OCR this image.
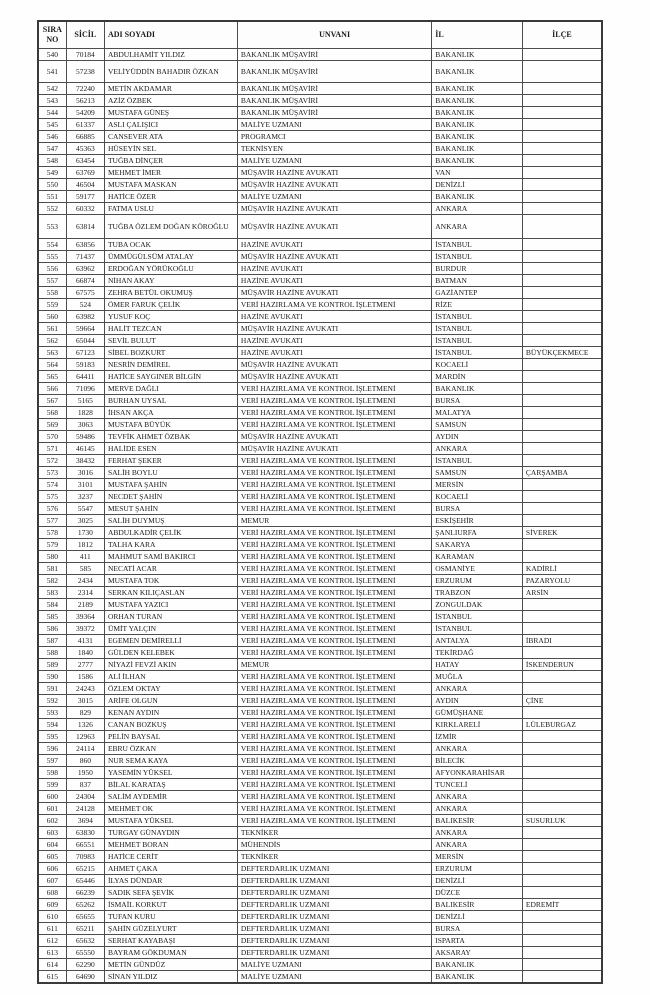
SIRA NO	SİCİL	ADI SOYADI	UNVANI	İL	İLÇE
540	70184	ABDULHAMİT YILDIZ	BAKANLIK MÜŞAVİRİ	BAKANLIK	
541	57238	VELİYÜDDİN BAHADIR ÖZKAN	BAKANLIK MÜŞAVİRİ	BAKANLIK	
542	72240	METİN AKDAMAR	BAKANLIK MÜŞAVİRİ	BAKANLIK	
543	56213	AZİZ ÖZBEK	BAKANLIK MÜŞAVİRİ	BAKANLIK	
544	54209	MUSTAFA GÜNEŞ	BAKANLIK MÜŞAVİRİ	BAKANLIK	
545	61337	ASLI ÇALIŞICI	MALİYE UZMANI	BAKANLIK	
546	66885	CANSEVER ATA	PROGRAMCI	BAKANLIK	
547	45363	HÜSEYİN SEL	TEKNİSYEN	BAKANLIK	
548	63454	TUĞBA DİNÇER	MALİYE UZMANI	BAKANLIK	
549	63769	MEHMET İMER	MÜŞAVİR HAZİNE AVUKATI	VAN	
550	46504	MUSTAFA MASKAN	MÜŞAVİR HAZİNE AVUKATI	DENİZLİ	
551	59177	HATİCE ÖZER	MALİYE UZMANI	BAKANLIK	
552	60332	FATMA USLU	MÜŞAVİR HAZİNE AVUKATI	ANKARA	
553	63814	TUĞBA ÖZLEM DOĞAN KÖROĞLU	MÜŞAVİR HAZİNE AVUKATI	ANKARA	
554	63856	TUBA OCAK	HAZİNE AVUKATI	İSTANBUL	
555	71437	ÜMMÜGÜLSÜM ATALAY	MÜŞAVİR HAZİNE AVUKATI	İSTANBUL	
556	63962	ERDOĞAN YÖRÜKOĞLU	HAZİNE AVUKATI	BURDUR	
557	66874	NİHAN AKAY	HAZİNE AVUKATI	BATMAN	
558	67575	ZEHRA BETÜL OKUMUŞ	MÜŞAVİR HAZİNE AVUKATI	GAZİANTEP	
559	524	ÖMER FARUK ÇELİK	VERİ HAZIRLAMA VE KONTROL İŞLETMENİ	RİZE	
560	63982	YUSUF KOÇ	HAZİNE AVUKATI	İSTANBUL	
561	59664	HALİT TEZCAN	MÜŞAVİR HAZİNE AVUKATI	İSTANBUL	
562	65044	SEVİL BULUT	HAZİNE AVUKATI	İSTANBUL	
563	67123	SİBEL BOZKURT	HAZİNE AVUKATI	İSTANBUL	BÜYÜKÇEKMECE
564	59183	NESRİN DEMİREL	MÜŞAVİR HAZİNE AVUKATI	KOCAELİ	
565	64411	HATİCE SAYGINER BİLGİN	MÜŞAVİR HAZİNE AVUKATI	MARDİN	
566	71096	MERVE DAĞLI	VERİ HAZIRLAMA VE KONTROL İŞLETMENİ	BAKANLIK	
567	5165	BURHAN UYSAL	VERİ HAZIRLAMA VE KONTROL İŞLETMENİ	BURSA	
568	1828	İHSAN AKÇA	VERİ HAZIRLAMA VE KONTROL İŞLETMENİ	MALATYA	
569	3063	MUSTAFA BÜYÜK	VERİ HAZIRLAMA VE KONTROL İŞLETMENİ	SAMSUN	
570	59486	TEVFİK AHMET ÖZBAK	MÜŞAVİR HAZİNE AVUKATI	AYDIN	
571	46145	HALİDE ESEN	MÜŞAVİR HAZİNE AVUKATI	ANKARA	
572	38432	FERHAT ŞEKER	VERİ HAZIRLAMA VE KONTROL İŞLETMENİ	İSTANBUL	
573	3016	SALİH BOYLU	VERİ HAZIRLAMA VE KONTROL İŞLETMENİ	SAMSUN	ÇARŞAMBA
574	3101	MUSTAFA ŞAHİN	VERİ HAZIRLAMA VE KONTROL İŞLETMENİ	MERSİN	
575	3237	NECDET ŞAHİN	VERİ HAZIRLAMA VE KONTROL İŞLETMENİ	KOCAELİ	
576	5547	MESUT ŞAHİN	VERİ HAZIRLAMA VE KONTROL İŞLETMENİ	BURSA	
577	3025	SALİH DUYMUŞ	MEMUR	ESKİŞEHİR	
578	1730	ABDULKADİR ÇELİK	VERİ HAZIRLAMA VE KONTROL İŞLETMENİ	ŞANLIURFA	SİVEREK
579	1812	TALHA KARA	VERİ HAZIRLAMA VE KONTROL İŞLETMENİ	SAKARYA	
580	411	MAHMUT SAMİ BAKIRCI	VERİ HAZIRLAMA VE KONTROL İŞLETMENİ	KARAMAN	
581	585	NECATİ ACAR	VERİ HAZIRLAMA VE KONTROL İŞLETMENİ	OSMANİYE	KADİRLİ
582	2434	MUSTAFA TOK	VERİ HAZIRLAMA VE KONTROL İŞLETMENİ	ERZURUM	PAZARYOLU
583	2314	SERKAN KILIÇASLAN	VERİ HAZIRLAMA VE KONTROL İŞLETMENİ	TRABZON	ARSİN
584	2189	MUSTAFA YAZICI	VERİ HAZIRLAMA VE KONTROL İŞLETMENİ	ZONGULDAK	
585	39364	ORHAN TURAN	VERİ HAZIRLAMA VE KONTROL İŞLETMENİ	İSTANBUL	
586	39372	ÜMİT YALÇIN	VERİ HAZIRLAMA VE KONTROL İŞLETMENİ	İSTANBUL	
587	4131	EGEMEN DEMİRELLİ	VERİ HAZIRLAMA VE KONTROL İŞLETMENİ	ANTALYA	İBRADI
588	1840	GÜLDEN KELEBEK	VERİ HAZIRLAMA VE KONTROL İŞLETMENİ	TEKİRDAĞ	
589	2777	NİYAZİ FEVZİ AKIN	MEMUR	HATAY	İSKENDERUN
590	1586	ALİ İLHAN	VERİ HAZIRLAMA VE KONTROL İŞLETMENİ	MUĞLA	
591	24243	ÖZLEM OKTAY	VERİ HAZIRLAMA VE KONTROL İŞLETMENİ	ANKARA	
592	3015	ARİFE OLGUN	VERİ HAZIRLAMA VE KONTROL İŞLETMENİ	AYDIN	ÇİNE
593	829	KENAN AYDIN	VERİ HAZIRLAMA VE KONTROL İŞLETMENİ	GÜMÜŞHANE	
594	1326	CANAN BOZKUŞ	VERİ HAZIRLAMA VE KONTROL İŞLETMENİ	KIRKLARELİ	LÜLEBURGAZ
595	12963	PELİN BAYSAL	VERİ HAZIRLAMA VE KONTROL İŞLETMENİ	İZMİR	
596	24114	EBRU ÖZKAN	VERİ HAZIRLAMA VE KONTROL İŞLETMENİ	ANKARA	
597	860	NUR SEMA KAYA	VERİ HAZIRLAMA VE KONTROL İŞLETMENİ	BİLECİK	
598	1950	YASEMİN YÜKSEL	VERİ HAZIRLAMA VE KONTROL İŞLETMENİ	AFYONKARAHİSAR	
599	837	BİLAL KARATAŞ	VERİ HAZIRLAMA VE KONTROL İŞLETMENİ	TUNCELİ	
600	24304	SALİM AYDEMİR	VERİ HAZIRLAMA VE KONTROL İŞLETMENİ	ANKARA	
601	24128	MEHMET OK	VERİ HAZIRLAMA VE KONTROL İŞLETMENİ	ANKARA	
602	3694	MUSTAFA YÜKSEL	VERİ HAZIRLAMA VE KONTROL İŞLETMENİ	BALIKESİR	SUSURLUK
603	63830	TURGAY GÜNAYDIN	TEKNİKER	ANKARA	
604	66551	MEHMET BORAN	MÜHENDİS	ANKARA	
605	70983	HATİCE CERİT	TEKNİKER	MERSİN	
606	65215	AHMET ÇAKA	DEFTERDARLIK UZMANI	ERZURUM	
607	65446	İLYAS DÜNDAR	DEFTERDARLIK UZMANI	DENİZLİ	
608	66239	SADIK SEFA ŞEVİK	DEFTERDARLIK UZMANI	DÜZCE	
609	65262	İSMAİL KORKUT	DEFTERDARLIK UZMANI	BALIKESİR	EDREMİT
610	65655	TUFAN KURU	DEFTERDARLIK UZMANI	DENİZLİ	
611	65211	ŞAHİN GÜZELYURT	DEFTERDARLIK UZMANI	BURSA	
612	65632	SERHAT KAYABAŞI	DEFTERDARLIK UZMANI	ISPARTA	
613	65550	BAYRAM GÖKDUMAN	DEFTERDARLIK UZMANI	AKSARAY	
614	62290	METİN GÜNDÜZ	MALİYE UZMANI	BAKANLIK	
615	64690	SİNAN YILDIZ	MALİYE UZMANI	BAKANLIK	
